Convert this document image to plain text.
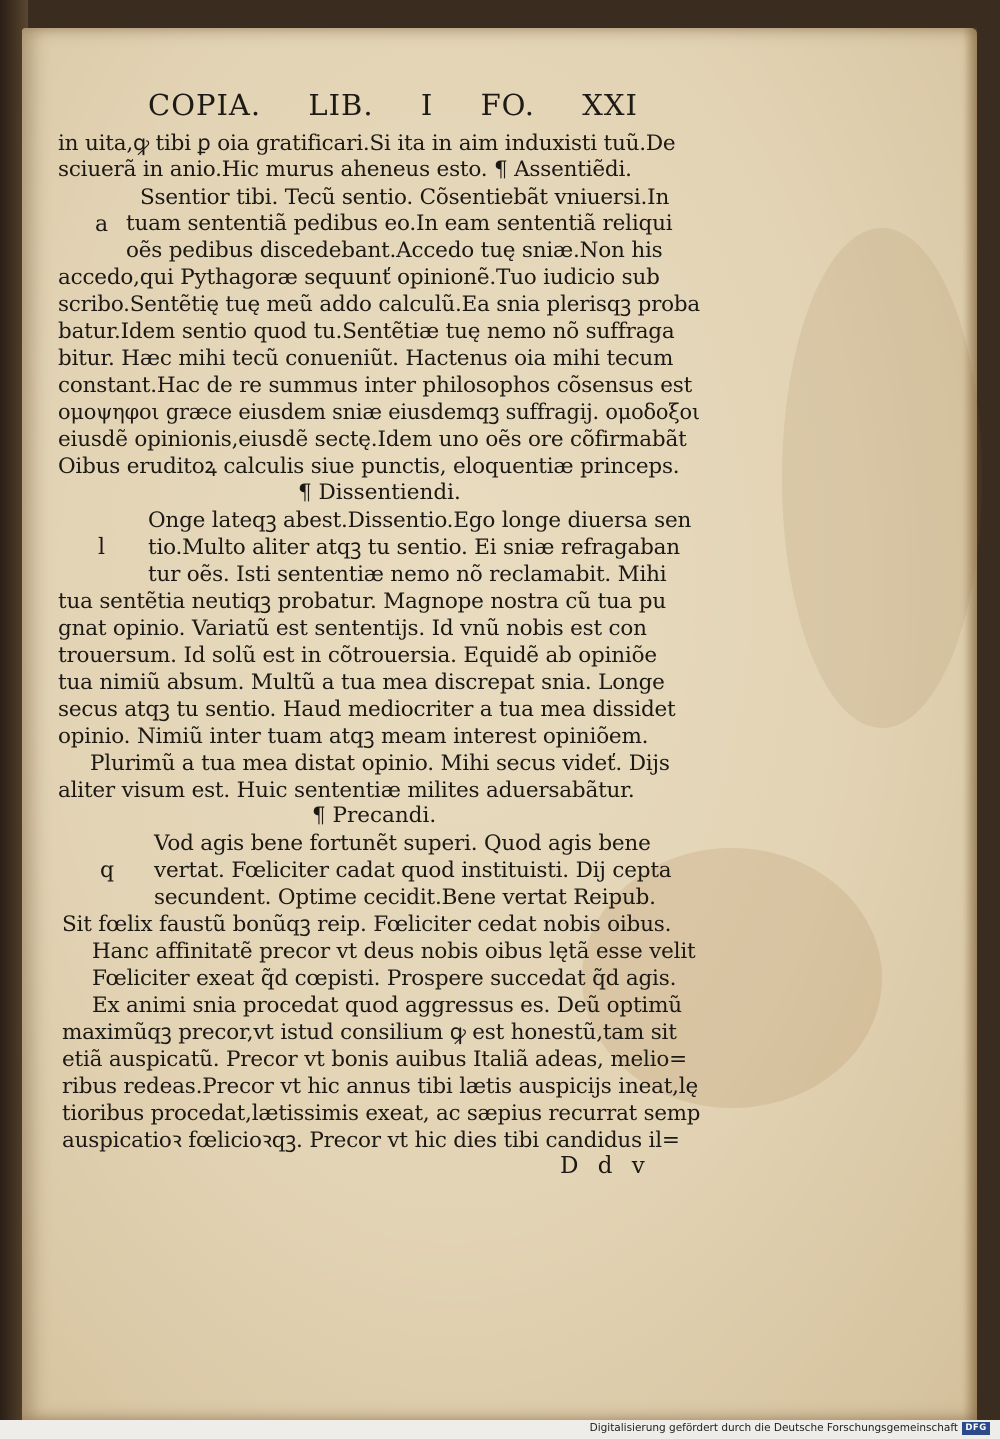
COPIA. LIB. I FO. XXI
in uita,ꝙ tibi ꝑ oia gratificari.Si ita in aim induxisti tuũ.De
sciuerã in anio.Hic murus aheneus esto. ¶ Assentiẽdi.
Ssentior tibi. Tecũ sentio. Cõsentiebãt vniuersi.In
a tuam sententiã pedibus eo.In eam sententiã reliqui
oẽs pedibus discedebant.Accedo tuę sniæ.Non his
accedo,qui Pythagoræ sequunť opinionẽ.Tuo iudicio sub
scribo.Sentẽtię tuę meũ addo calculũ.Ea snia plerisqꝫ proba
batur.Idem sentio quod tu.Sentẽtiæ tuę nemo nõ suffraga
bitur. Hæc mihi tecũ conueniũt. Hactenus oia mihi tecum
constant.Hac de re summus inter philosophos cõsensus est
ομοψηφοι græce eiusdem sniæ eiusdemqꝫ suffragij. ομοδοξοι
eiusdẽ opinionis,eiusdẽ sectę.Idem uno oẽs ore cõfirmabãt
Oibus eruditoꝝ calculis siue punctis, eloquentiæ princeps.
¶ Dissentiendi.
Onge lateqꝫ abest.Dissentio.Ego longe diuersa sen
l tio.Multo aliter atqꝫ tu sentio. Ei sniæ refragaban
tur oẽs. Isti sententiæ nemo nõ reclamabit. Mihi
tua sentẽtia neutiqꝫ probatur. Magnope nostra cũ tua pu
gnat opinio. Variatũ est sententijs. Id vnũ nobis est con
trouersum. Id solũ est in cõtrouersia. Equidẽ ab opiniõe
tua nimiũ absum. Multũ a tua mea discrepat snia. Longe
secus atqꝫ tu sentio. Haud mediocriter a tua mea dissidet
opinio. Nimiũ inter tuam atqꝫ meam interest opiniõem.
Plurimũ a tua mea distat opinio. Mihi secus videť. Dijs
aliter visum est. Huic sententiæ milites aduersabãtur.
¶ Precandi.
Vod agis bene fortunẽt superi. Quod agis bene
q vertat. Fœliciter cadat quod instituisti. Dij cepta
secundent. Optime cecidit.Bene vertat Reipub.
Sit fœlix faustũ bonũqꝫ reip. Fœliciter cedat nobis oibus.
Hanc affinitatẽ precor vt deus nobis oibus lętã esse velit
Fœliciter exeat q̃d cœpisti. Prospere succedat q̃d agis.
Ex animi snia procedat quod aggressus es. Deũ optimũ
maximũqꝫ precor,vt istud consilium ꝙ est honestũ,tam sit
etiã auspicatũ. Precor vt bonis auibus Italiã adeas, melio=
ribus redeas.Precor vt hic annus tibi lætis auspicijs ineat,lę
tioribus procedat,lætissimis exeat, ac sæpius recurrat semp
auspicatioꝛ fœlicioꝛqꝫ. Precor vt hic dies tibi candidus il=
D d v
Digitalisierung gefördert durch die Deutsche Forschungsgemeinschaft DFG
